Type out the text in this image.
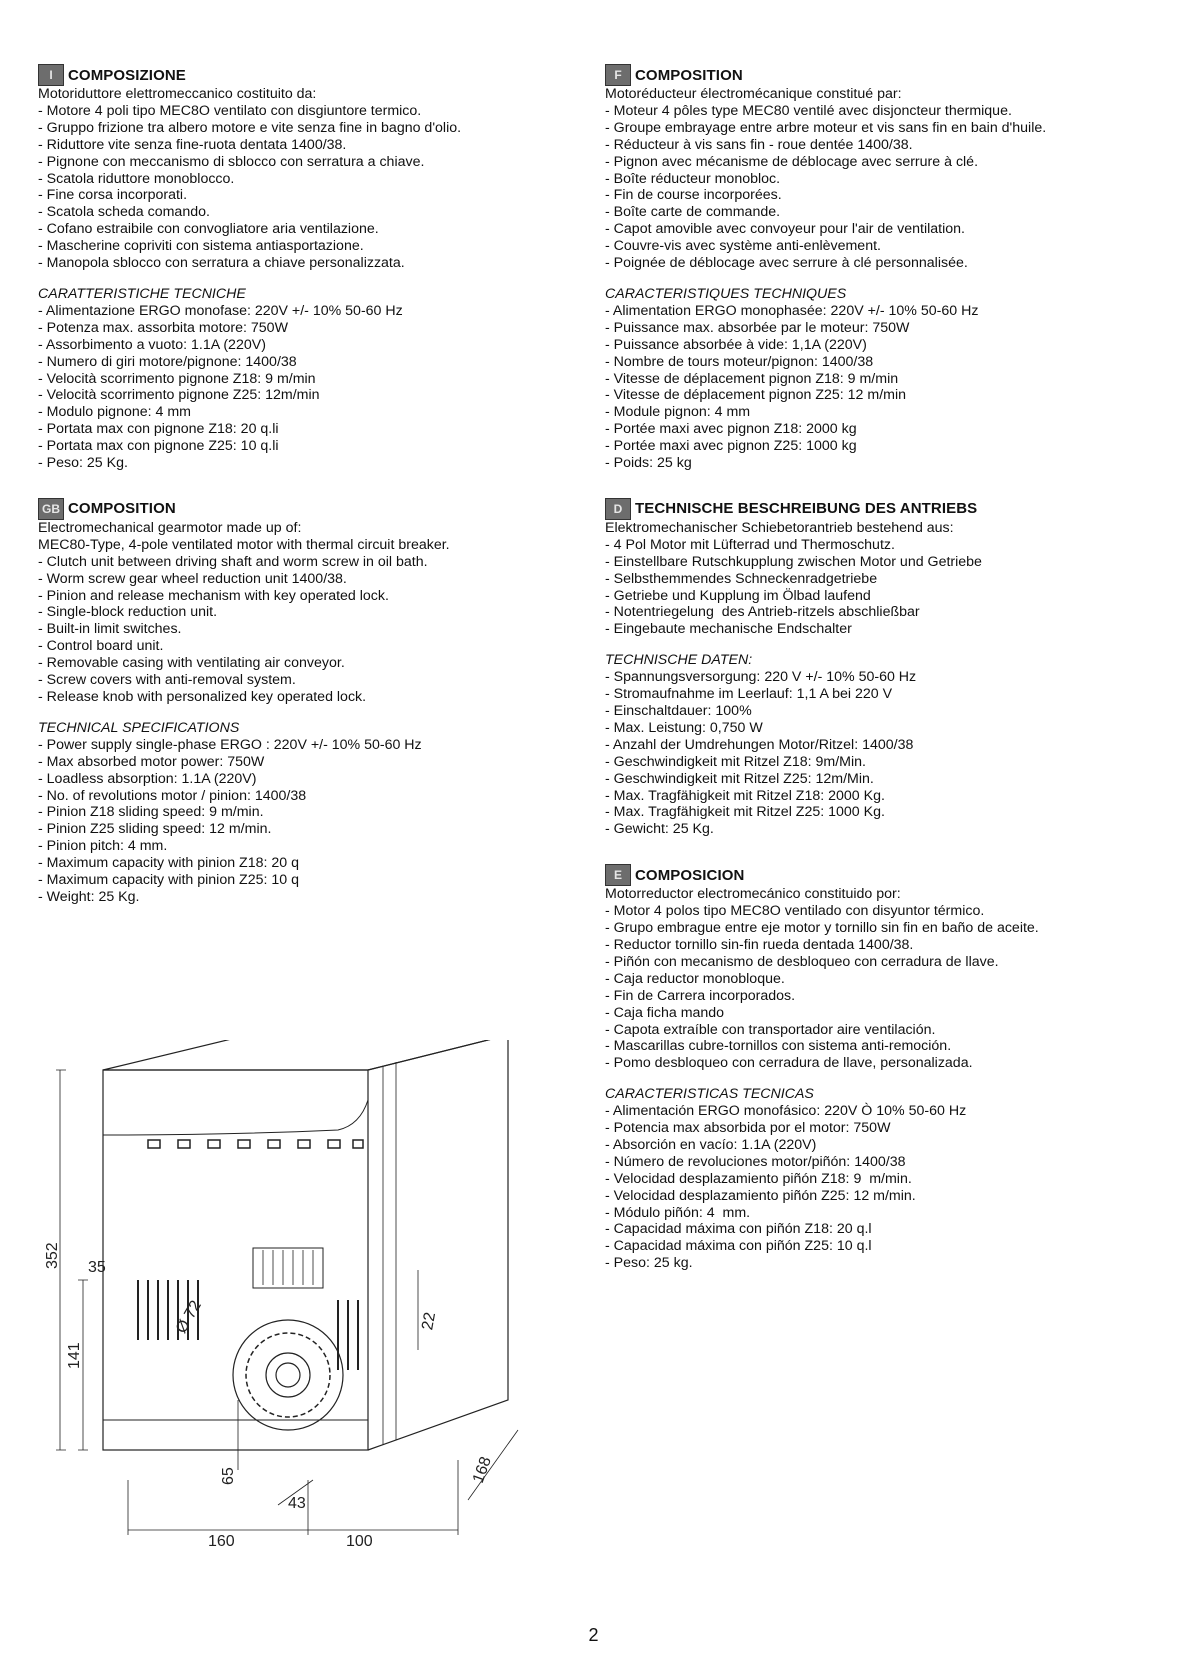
I	COMPOSIZIONE
Motoriduttore elettromeccanico costituito da:
- Motore 4 poli tipo MEC8O ventilato con disgiuntore termico.
- Gruppo frizione tra albero motore e vite senza fine in bagno d'olio.
- Riduttore vite senza fine-ruota dentata 1400/38.
- Pignone con meccanismo di sblocco con serratura a chiave.
- Scatola riduttore monoblocco.
- Fine corsa incorporati.
- Scatola scheda comando.
- Cofano estraibile con convogliatore aria ventilazione.
- Mascherine copriviti con sistema antiasportazione.
- Manopola sblocco con serratura a chiave personalizzata.
CARATTERISTICHE TECNICHE
- Alimentazione ERGO monofase: 220V +/- 10% 50-60 Hz
- Potenza max. assorbita motore: 750W
- Assorbimento a vuoto: 1.1A (220V)
- Numero di giri motore/pignone: 1400/38
- Velocità scorrimento pignone Z18: 9 m/min
- Velocità scorrimento pignone Z25: 12m/min
- Modulo pignone: 4 mm
- Portata max con pignone Z18: 20 q.li
- Portata max con pignone Z25: 10 q.li
- Peso: 25 Kg.
GB COMPOSITION
Electromechanical gearmotor made up of:
MEC80-Type, 4-pole ventilated motor with thermal circuit breaker.
- Clutch unit between driving shaft and worm screw in oil bath.
- Worm screw gear wheel reduction unit 1400/38.
- Pinion and release mechanism with key operated lock.
- Single-block reduction unit.
- Built-in limit switches.
- Control board unit.
- Removable casing with ventilating air conveyor.
- Screw covers with anti-removal system.
- Release knob with personalized key operated lock.
TECHNICAL SPECIFICATIONS
- Power supply single-phase ERGO : 220V +/- 10% 50-60 Hz
- Max absorbed motor power: 750W
- Loadless absorption: 1.1A (220V)
- No. of revolutions motor / pinion: 1400/38
- Pinion Z18 sliding speed: 9 m/min.
- Pinion Z25 sliding speed: 12 m/min.
- Pinion pitch: 4 mm.
- Maximum capacity with pinion Z18: 20 q
- Maximum capacity with pinion Z25: 10 q
- Weight: 25 Kg.
F COMPOSITION
Motoréducteur électromécanique constitué par:
- Moteur 4 pôles type MEC80 ventilé avec disjoncteur thermique.
- Groupe embrayage entre arbre moteur et vis sans fin en bain d'huile.
- Réducteur à vis sans fin - roue dentée 1400/38.
- Pignon avec mécanisme de déblocage avec serrure à clé.
- Boîte réducteur monobloc.
- Fin de course incorporées.
- Boîte carte de commande.
- Capot amovible avec convoyeur pour l'air de ventilation.
- Couvre-vis avec système anti-enlèvement.
- Poignée de déblocage avec serrure à clé personnalisée.
CARACTERISTIQUES TECHNIQUES
- Alimentation ERGO monophasée: 220V +/- 10% 50-60 Hz
- Puissance max. absorbée par le moteur: 750W
- Puissance absorbée à vide: 1,1A (220V)
- Nombre de tours moteur/pignon: 1400/38
- Vitesse de déplacement pignon Z18: 9 m/min
- Vitesse de déplacement pignon Z25: 12 m/min
- Module pignon: 4 mm
- Portée maxi avec pignon Z18: 2000 kg
- Portée maxi avec pignon Z25: 1000 kg
- Poids: 25 kg
D TECHNISCHE BESCHREIBUNG DES ANTRIEBS
Elektromechanischer Schiebetorantrieb bestehend aus:
- 4 Pol Motor mit Lüfterrad und Thermoschutz.
- Einstellbare Rutschkupplung zwischen Motor und Getriebe
- Selbsthemmendes Schneckenradgetriebe
- Getriebe und Kupplung im Ölbad laufend
- Notentriegelung  des Antrieb-ritzels abschließbar
- Eingebaute mechanische Endschalter
TECHNISCHE DATEN:
- Spannungsversorgung: 220 V +/- 10% 50-60 Hz
- Stromaufnahme im Leerlauf: 1,1 A bei 220 V
- Einschaltdauer: 100%
- Max. Leistung: 0,750 W
- Anzahl der Umdrehungen Motor/Ritzel: 1400/38
- Geschwindigkeit mit Ritzel Z18: 9m/Min.
- Geschwindigkeit mit Ritzel Z25: 12m/Min.
- Max. Tragfähigkeit mit Ritzel Z18: 2000 Kg.
- Max. Tragfähigkeit mit Ritzel Z25: 1000 Kg.
- Gewicht: 25 Kg.
E COMPOSICION
Motorreductor electromecánico constituido por:
- Motor 4 polos tipo MEC8O ventilado con disyuntor térmico.
- Grupo embrague entre eje motor y tornillo sin fin en baño de aceite.
- Reductor tornillo sin-fin rueda dentada 1400/38.
- Piñón con mecanismo de desbloqueo con cerradura de llave.
- Caja reductor monobloque.
- Fin de Carrera incorporados.
- Caja ficha mando
- Capota extraíble con transportador aire ventilación.
- Mascarillas cubre-tornillos con sistema anti-remoción.
- Pomo desbloqueo con cerradura de llave, personalizada.
CARACTERISTICAS TECNICAS
- Alimentación ERGO monofásico: 220V Ò 10% 50-60 Hz
- Potencia max absorbida por el motor: 750W
- Absorción en vacío: 1.1A (220V)
- Número de revoluciones motor/piñón: 1400/38
- Velocidad desplazamiento piñón Z18: 9  m/min.
- Velocidad desplazamiento piñón Z25: 12 m/min.
- Módulo piñón: 4  mm.
- Capacidad máxima con piñón Z18: 20 q.l
- Capacidad máxima con piñón Z25: 10 q.l
- Peso: 25 kg.
352
141
35
Ø 72	22
65
43
160	100
168
2
